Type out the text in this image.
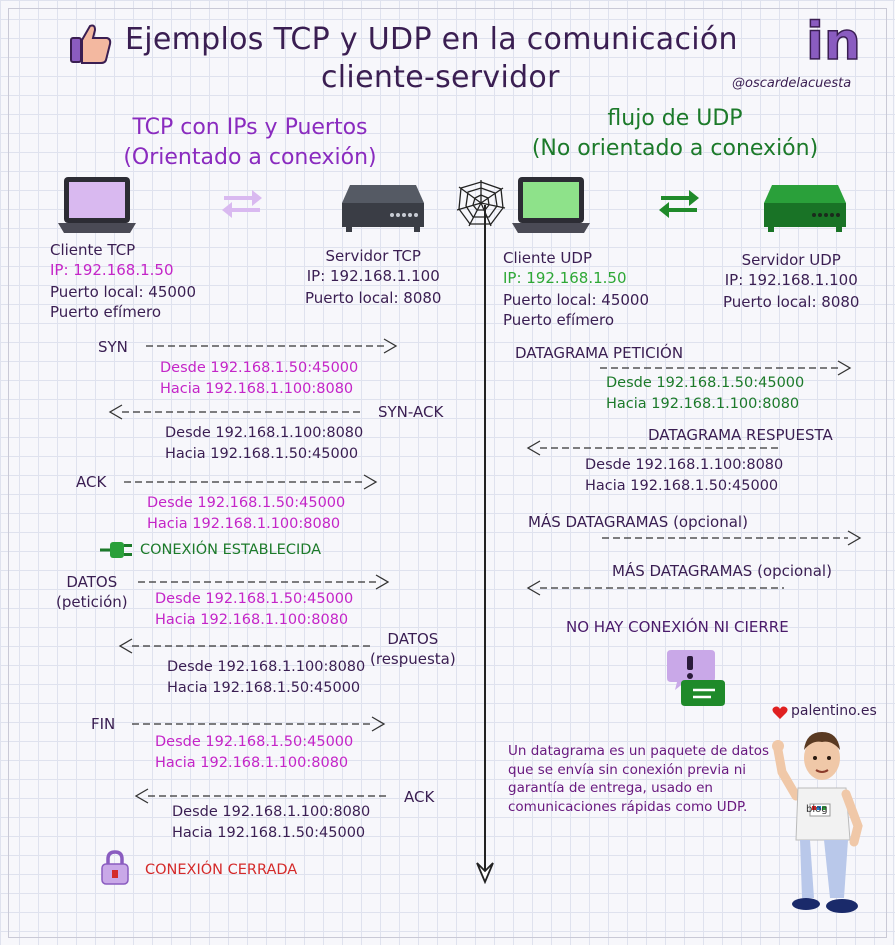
Ejemplos TCP y UDP en la comunicación
cliente-servidor
in
@oscardelacuesta
TCP con IPs y Puertos
(Orientado a conexión)
flujo de UDP
(No orientado a conexión)
Cliente TCP
IP: 192.168.1.50
Puerto local: 45000
Puerto efímero
Servidor TCP
IP: 192.168.1.100
Puerto local: 8080
Cliente UDP
IP: 192.168.1.50
Puerto local: 45000
Puerto efímero
Servidor UDP
IP: 192.168.1.100
Puerto local: 8080
SYN
Desde 192.168.1.50:45000
Hacia 192.168.1.100:8080
SYN-ACK
Desde 192.168.1.100:8080
Hacia 192.168.1.50:45000
ACK
Desde 192.168.1.50:45000
Hacia 192.168.1.100:8080
CONEXIÓN ESTABLECIDA
DATOS
(petición) Desde 192.168.1.50:45000
Hacia 192.168.1.100:8080
DATOS
(respuesta)
Desde 192.168.1.100:8080
Hacia 192.168.1.50:45000
FIN
Desde 192.168.1.50:45000
Hacia 192.168.1.100:8080
ACK
Desde 192.168.1.100:8080
Hacia 192.168.1.50:45000
CONEXIÓN CERRADA
DATAGRAMA PETICIÓN
Desde 192.168.1.50:45000
Hacia 192.168.1.100:8080
DATAGRAMA RESPUESTA
Desde 192.168.1.100:8080
Hacia 192.168.1.50:45000
MÁS DATAGRAMAS (opcional)
MÁS DATAGRAMAS (opcional)
NO HAY CONEXIÓN NI CIERRE
Un datagrama es un paquete de datos que se envía sin conexión previa ni garantía de entrega, usado en comunicaciones rápidas como UDP.
palentino.es
blog
